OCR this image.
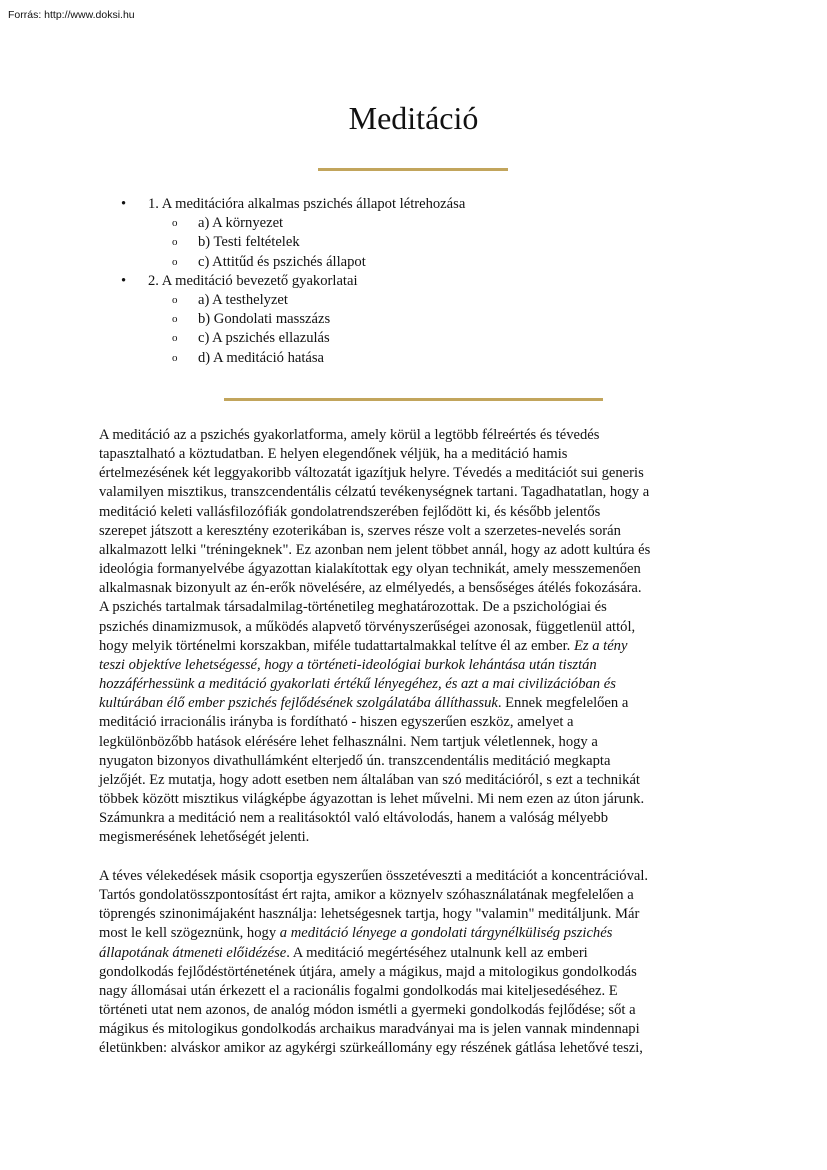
Forrás: http://www.doksi.hu
Meditáció
• 1. A meditációra alkalmas pszichés állapot létrehozása
o a) A környezet
o b) Testi feltételek
o c) Attitűd és pszichés állapot
• 2. A meditáció bevezető gyakorlatai
o a) A testhelyzet
o b) Gondolati masszázs
o c) A pszichés ellazulás
o d) A meditáció hatása
A meditáció az a pszichés gyakorlatforma, amely körül a legtöbb félreértés és tévedés
tapasztalható a köztudatban. E helyen elegendőnek véljük, ha a meditáció hamis
értelmezésének két leggyakoribb változatát igazítjuk helyre. Tévedés a meditációt sui generis
valamilyen misztikus, transzcendentális célzatú tevékenységnek tartani. Tagadhatatlan, hogy a
meditáció keleti vallásfilozófiák gondolatrendszerében fejlődött ki, és később jelentős
szerepet játszott a keresztény ezoterikában is, szerves része volt a szerzetes-nevelés során
alkalmazott lelki "tréningeknek". Ez azonban nem jelent többet annál, hogy az adott kultúra és
ideológia formanyelvébe ágyazottan kialakítottak egy olyan technikát, amely messzemenően
alkalmasnak bizonyult az én-erők növelésére, az elmélyedés, a bensőséges átélés fokozására.
A pszichés tartalmak társadalmilag-történetileg meghatározottak. De a pszichológiai és
pszichés dinamizmusok, a működés alapvető törvényszerűségei azonosak, függetlenül attól,
hogy melyik történelmi korszakban, miféle tudattartalmakkal telítve él az ember. Ez a tény
teszi objektíve lehetségessé, hogy a történeti-ideológiai burkok lehántása után tisztán
hozzáférhessünk a meditáció gyakorlati értékű lényegéhez, és azt a mai civilizációban és
kultúrában élő ember pszichés fejlődésének szolgálatába állíthassuk. Ennek megfelelően a
meditáció irracionális irányba is fordítható - hiszen egyszerűen eszköz, amelyet a
legkülönbözőbb hatások elérésére lehet felhasználni. Nem tartjuk véletlennek, hogy a
nyugaton bizonyos divathullámként elterjedő ún. transzcendentális meditáció megkapta
jelzőjét. Ez mutatja, hogy adott esetben nem általában van szó meditációról, s ezt a technikát
többek között misztikus világképbe ágyazottan is lehet művelni. Mi nem ezen az úton járunk.
Számunkra a meditáció nem a realitásoktól való eltávolodás, hanem a valóság mélyebb
megismerésének lehetőségét jelenti.
A téves vélekedések másik csoportja egyszerűen összetéveszti a meditációt a koncentrációval.
Tartós gondolatösszpontosítást ért rajta, amikor a köznyelv szóhasználatának megfelelően a
töprengés szinonimájaként használja: lehetségesnek tartja, hogy "valamin" meditáljunk. Már
most le kell szögeznünk, hogy a meditáció lényege a gondolati tárgynélküliség pszichés
állapotának átmeneti előidézése. A meditáció megértéséhez utalnunk kell az emberi
gondolkodás fejlődéstörténetének útjára, amely a mágikus, majd a mitologikus gondolkodás
nagy állomásai után érkezett el a racionális fogalmi gondolkodás mai kiteljesedéséhez. E
történeti utat nem azonos, de analóg módon ismétli a gyermeki gondolkodás fejlődése; sőt a
mágikus és mitologikus gondolkodás archaikus maradványai ma is jelen vannak mindennapi
életünkben: alváskor amikor az agykérgi szürkeállomány egy részének gátlása lehetővé teszi,
